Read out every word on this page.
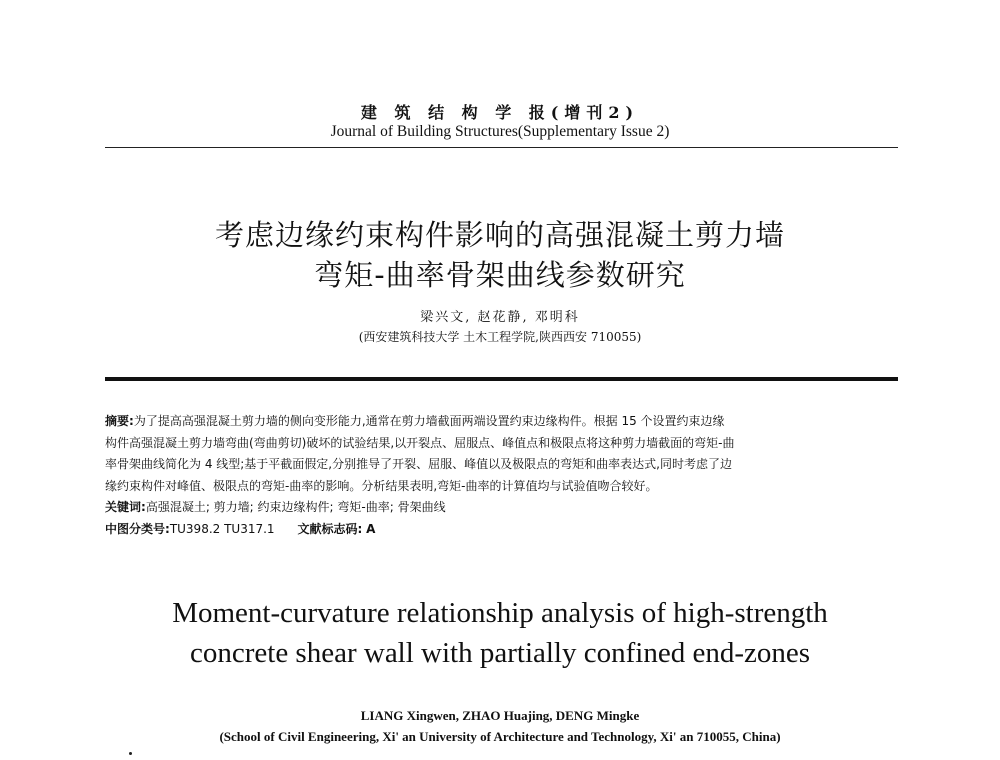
建 筑 结 构 学 报(增刊2)
Journal of Building Structures(Supplementary Issue 2)
考虑边缘约束构件影响的高强混凝土剪力墙
弯矩-曲率骨架曲线参数研究
梁兴文, 赵花静, 邓明科
(西安建筑科技大学 土木工程学院,陕西西安 710055)
摘要:为了提高高强混凝土剪力墙的侧向变形能力,通常在剪力墙截面两端设置约束边缘构件。根据 15 个设置约束边缘
构件高强混凝土剪力墙弯曲(弯曲剪切)破坏的试验结果,以开裂点、屈服点、峰值点和极限点将这种剪力墙截面的弯矩-曲
率骨架曲线简化为 4 线型;基于平截面假定,分别推导了开裂、屈服、峰值以及极限点的弯矩和曲率表达式,同时考虑了边
缘约束构件对峰值、极限点的弯矩-曲率的影响。分析结果表明,弯矩-曲率的计算值均与试验值吻合较好。
关键词:高强混凝土; 剪力墙; 约束边缘构件; 弯矩-曲率; 骨架曲线
中图分类号:TU398.2 TU317.1 文献标志码: A
Moment-curvature relationship analysis of high-strength
concrete shear wall with partially confined end-zones
LIANG Xingwen, ZHAO Huajing, DENG Mingke
(School of Civil Engineering, Xi' an University of Architecture and Technology, Xi' an 710055, China)
